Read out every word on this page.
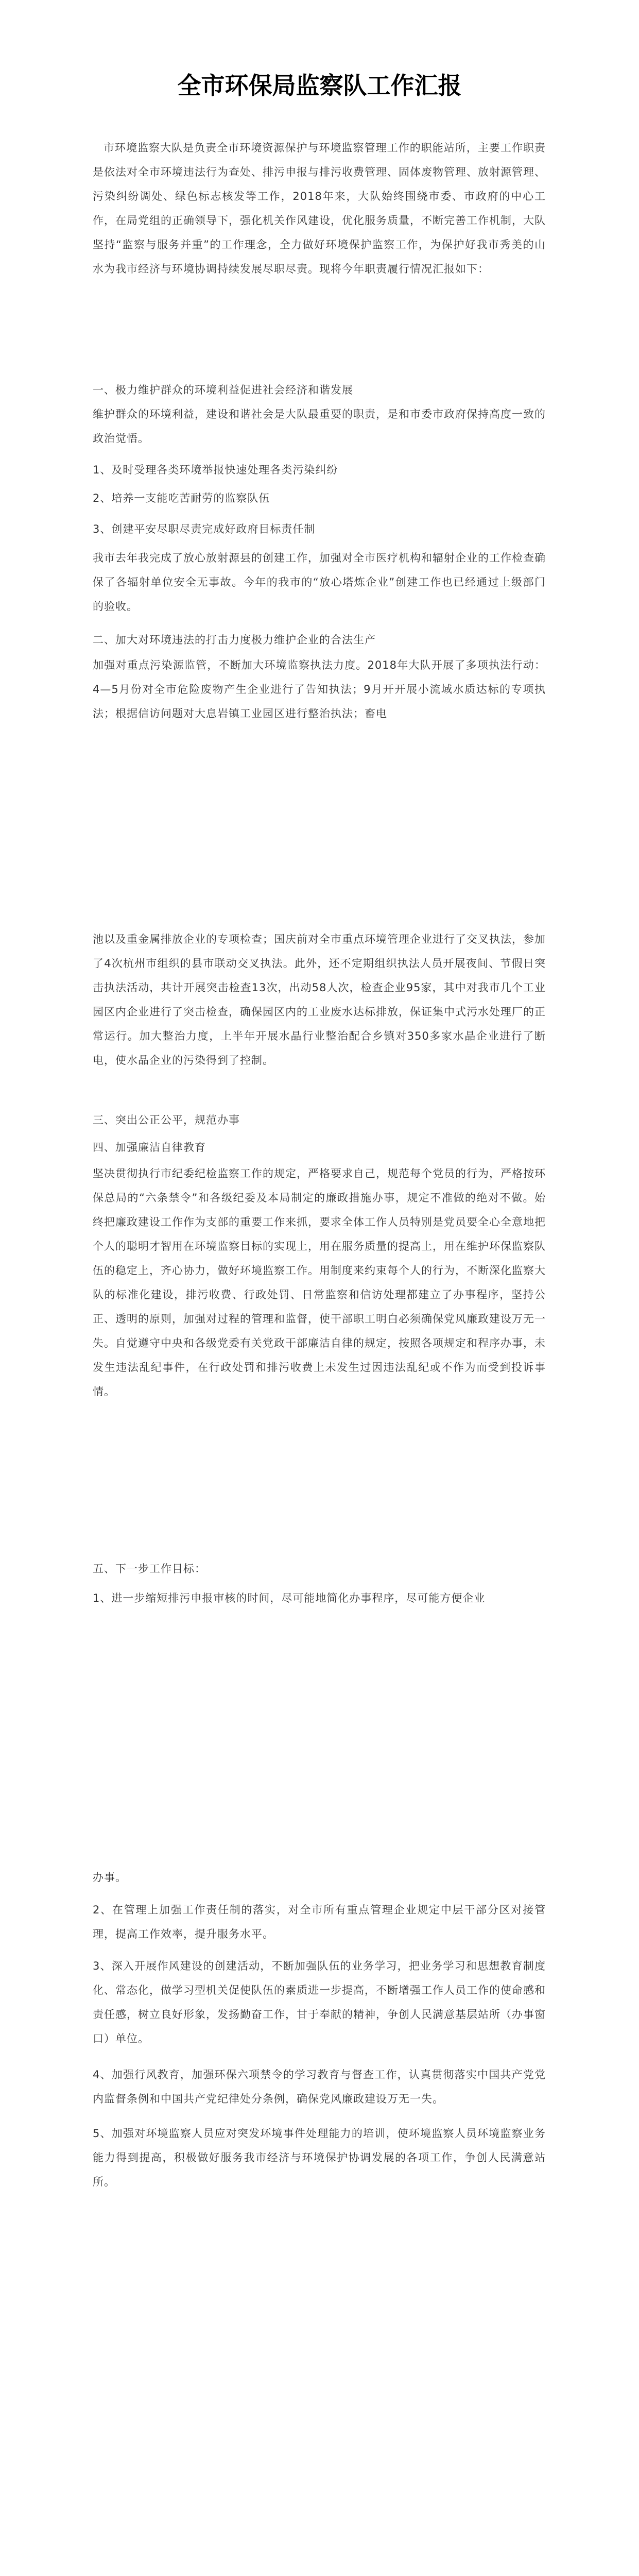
全市环保局监察队工作汇报

市环境监察大队是负责全市环境资源保护与环境监察管理工作的职能站所，主要工作职责是依法对全市环境违法行为查处、排污申报与排污收费管理、固体废物管理、放射源管理、污染纠纷调处、绿色标志核发等工作，2018年来，大队始终围绕市委、市政府的中心工作，在局党组的正确领导下，强化机关作风建设，优化服务质量，不断完善工作机制，大队坚持“监察与服务并重”的工作理念，全力做好环境保护监察工作，为保护好我市秀美的山水为我市经济与环境协调持续发展尽职尽责。现将今年职责履行情况汇报如下：

一、极力维护群众的环境利益促进社会经济和谐发展

维护群众的环境利益，建设和谐社会是大队最重要的职责，是和市委市政府保持高度一致的政治觉悟。

1、及时受理各类环境举报快速处理各类污染纠纷

2、培养一支能吃苦耐劳的监察队伍

3、创建平安尽职尽责完成好政府目标责任制

我市去年我完成了放心放射源县的创建工作，加强对全市医疗机构和辐射企业的工作检查确保了各辐射单位安全无事故。今年的我市的“放心塔炼企业”创建工作也已经通过上级部门的验收。

二、加大对环境违法的打击力度极力维护企业的合法生产

加强对重点污染源监管，不断加大环境监察执法力度。2018年大队开展了多项执法行动：4—5月份对全市危险废物产生企业进行了告知执法；9月开开展小流域水质达标的专项执法；根据信访问题对大息岩镇工业园区进行整治执法；畜电

池以及重金属排放企业的专项检查；国庆前对全市重点环境管理企业进行了交叉执法，参加了4次杭州市组织的县市联动交叉执法。此外，还不定期组织执法人员开展夜间、节假日突击执法活动，共计开展突击检查13次，出动58人次，检查企业95家，其中对我市几个工业园区内企业进行了突击检查，确保园区内的工业废水达标排放，保证集中式污水处理厂的正常运行。加大整治力度，上半年开展水晶行业整治配合乡镇对350多家水晶企业进行了断电，使水晶企业的污染得到了控制。

三、突出公正公平，规范办事

四、加强廉洁自律教育

坚决贯彻执行市纪委纪检监察工作的规定，严格要求自己，规范每个党员的行为，严格按环保总局的“六条禁令”和各级纪委及本局制定的廉政措施办事，规定不准做的绝对不做。始终把廉政建设工作作为支部的重要工作来抓，要求全体工作人员特别是党员要全心全意地把个人的聪明才智用在环境监察目标的实现上，用在服务质量的提高上，用在维护环保监察队伍的稳定上，齐心协力，做好环境监察工作。用制度来约束每个人的行为，不断深化监察大队的标准化建设，排污收费、行政处罚、日常监察和信访处理都建立了办事程序，坚持公正、透明的原则，加强对过程的管理和监督，使干部职工明白必须确保党风廉政建设万无一失。自觉遵守中央和各级党委有关党政干部廉洁自律的规定，按照各项规定和程序办事，未发生违法乱纪事件，在行政处罚和排污收费上未发生过因违法乱纪或不作为而受到投诉事情。

五、下一步工作目标：

1、进一步缩短排污申报审核的时间，尽可能地简化办事程序，尽可能方便企业

办事。

2、在管理上加强工作责任制的落实，对全市所有重点管理企业规定中层干部分区对接管理，提高工作效率，提升服务水平。

3、深入开展作风建设的创建活动，不断加强队伍的业务学习，把业务学习和思想教育制度化、常态化，做学习型机关促使队伍的素质进一步提高，不断增强工作人员工作的使命感和责任感，树立良好形象，发扬勤奋工作，甘于奉献的精神，争创人民满意基层站所（办事窗口）单位。

4、加强行风教育，加强环保六项禁令的学习教育与督查工作，认真贯彻落实中国共产党党内监督条例和中国共产党纪律处分条例，确保党风廉政建设万无一失。

5、加强对环境监察人员应对突发环境事件处理能力的培训，使环境监察人员环境监察业务能力得到提高，积极做好服务我市经济与环境保护协调发展的各项工作，争创人民满意站所。
